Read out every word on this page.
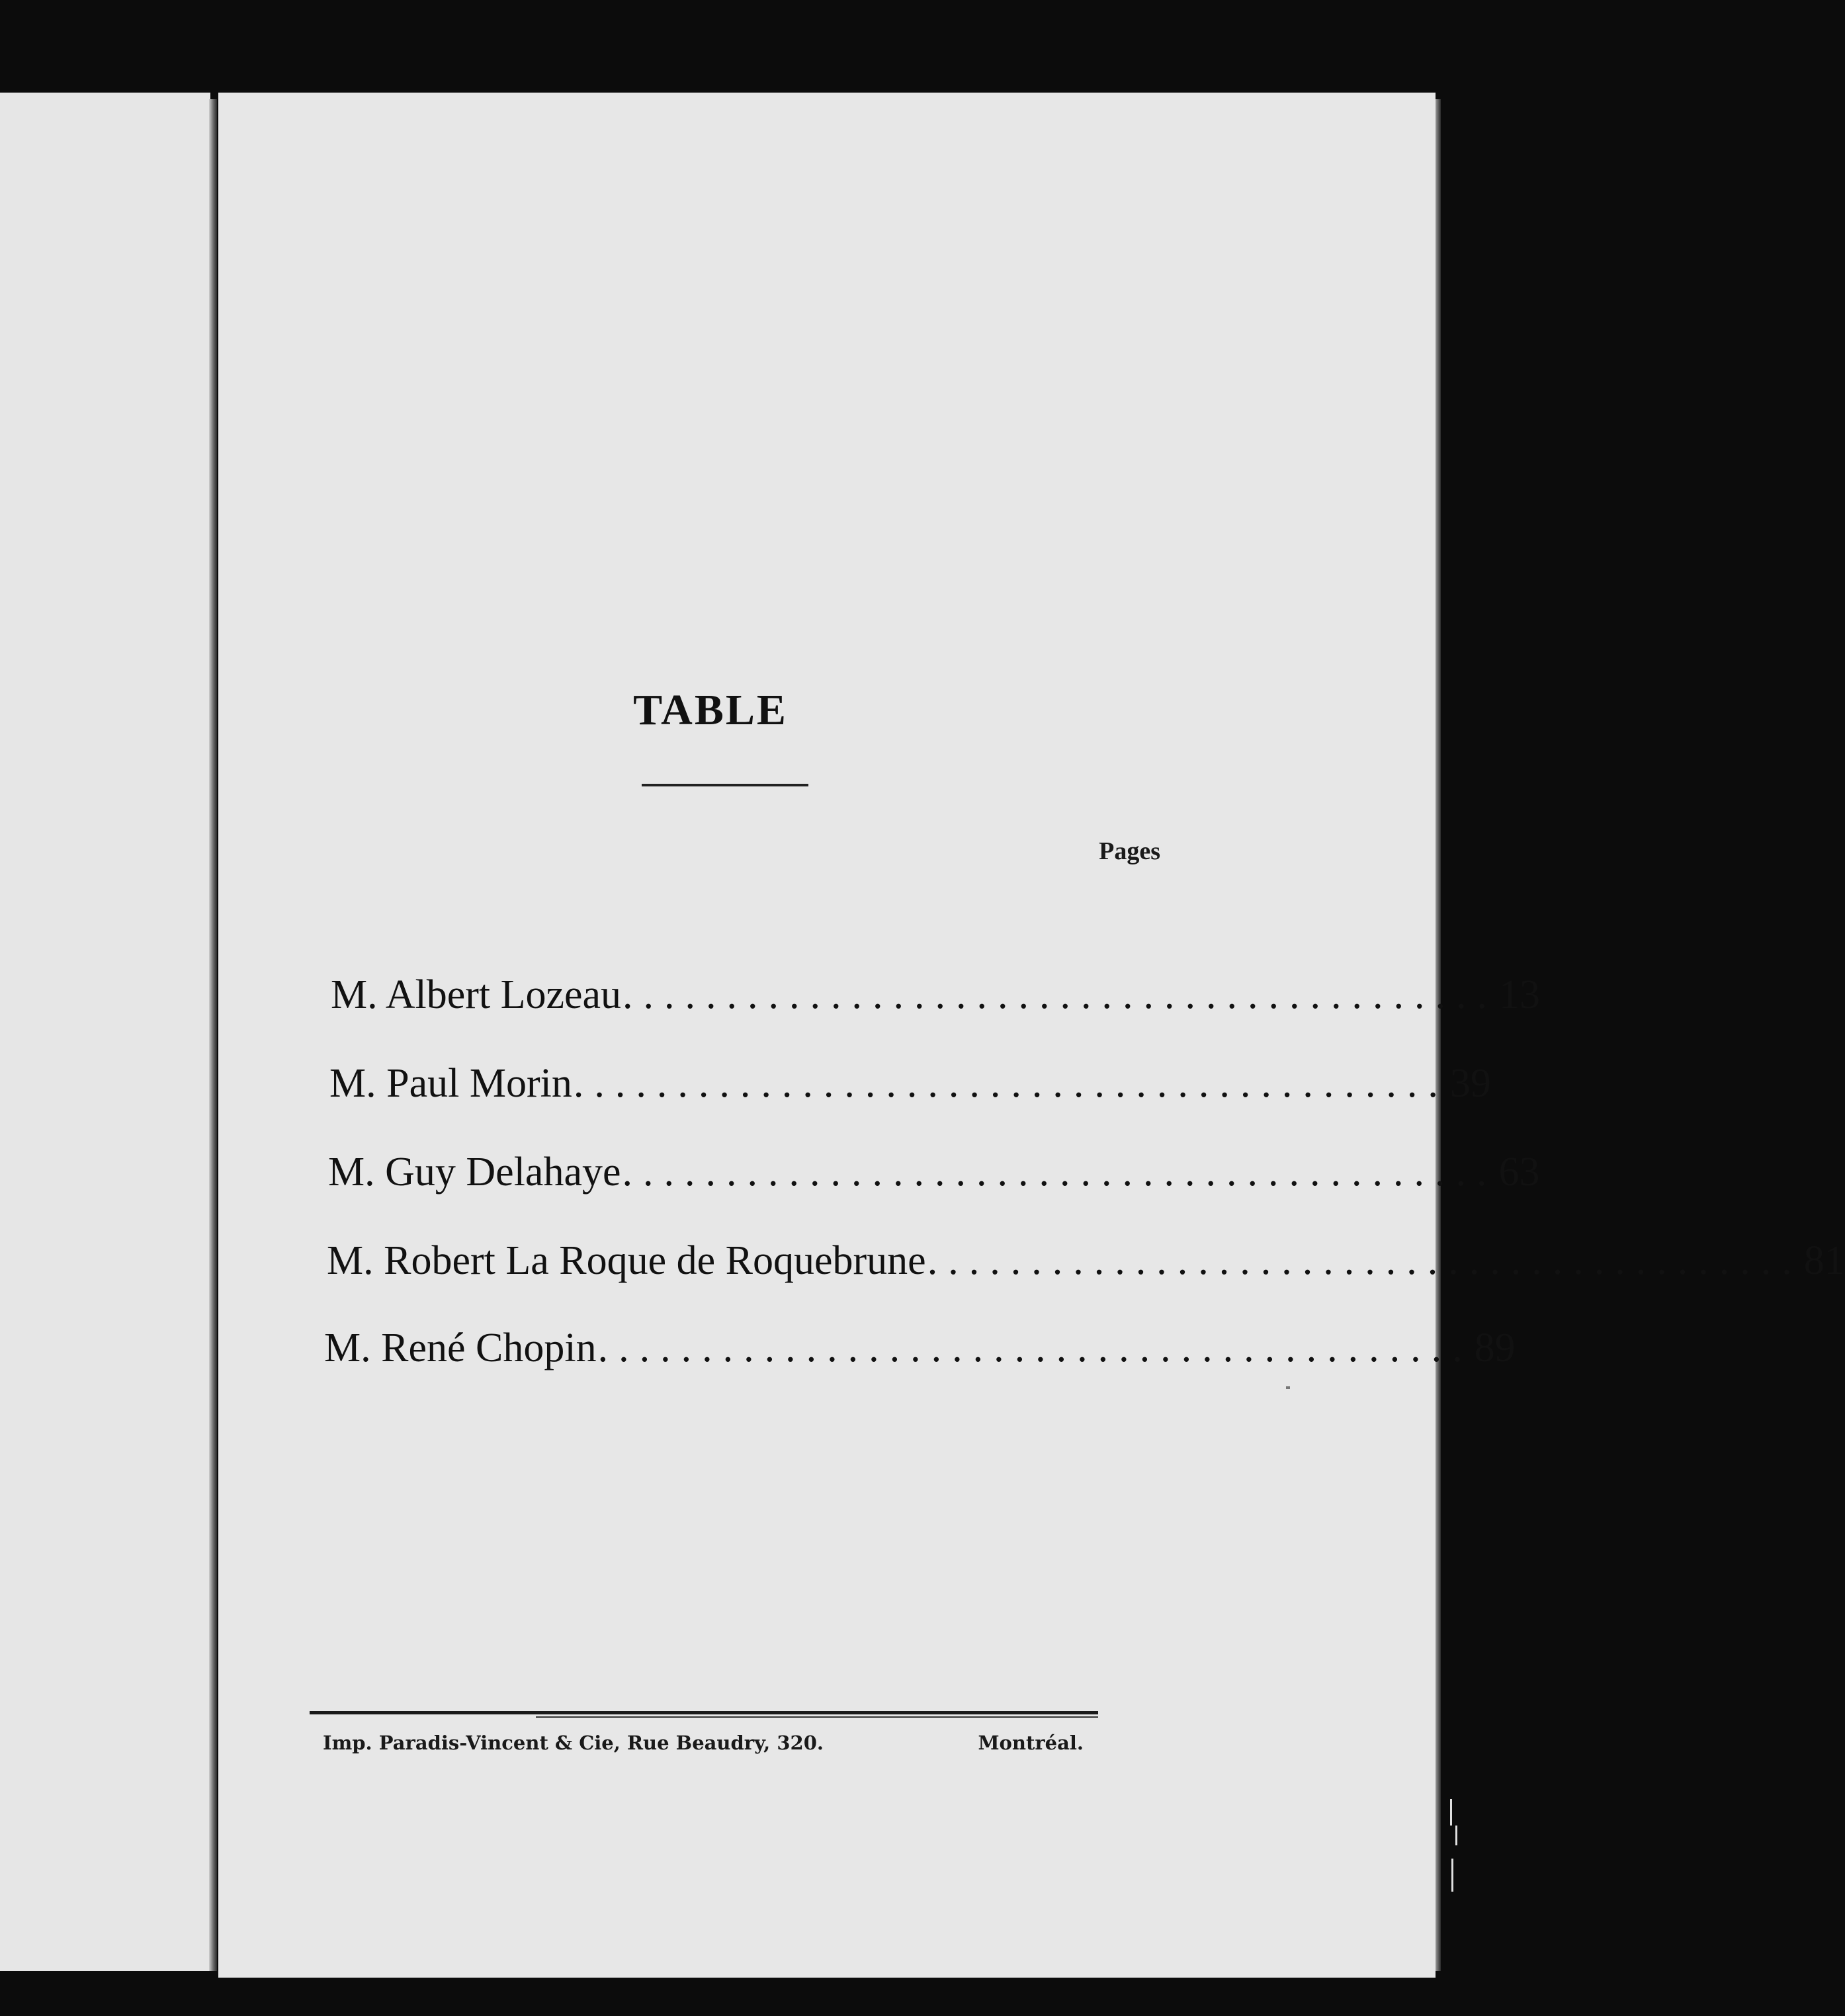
TABLE
Pages
M. Albert Lozeau .......................................... 13
M. Paul Morin .......................................... 39
M. Guy Delahaye .......................................... 63
M. Robert La Roque de Roquebrune .......................................... 81
M. René Chopin .......................................... 89
Imp. Paradis-Vincent & Cie, Rue Beaudry, 320.	Montréal.
